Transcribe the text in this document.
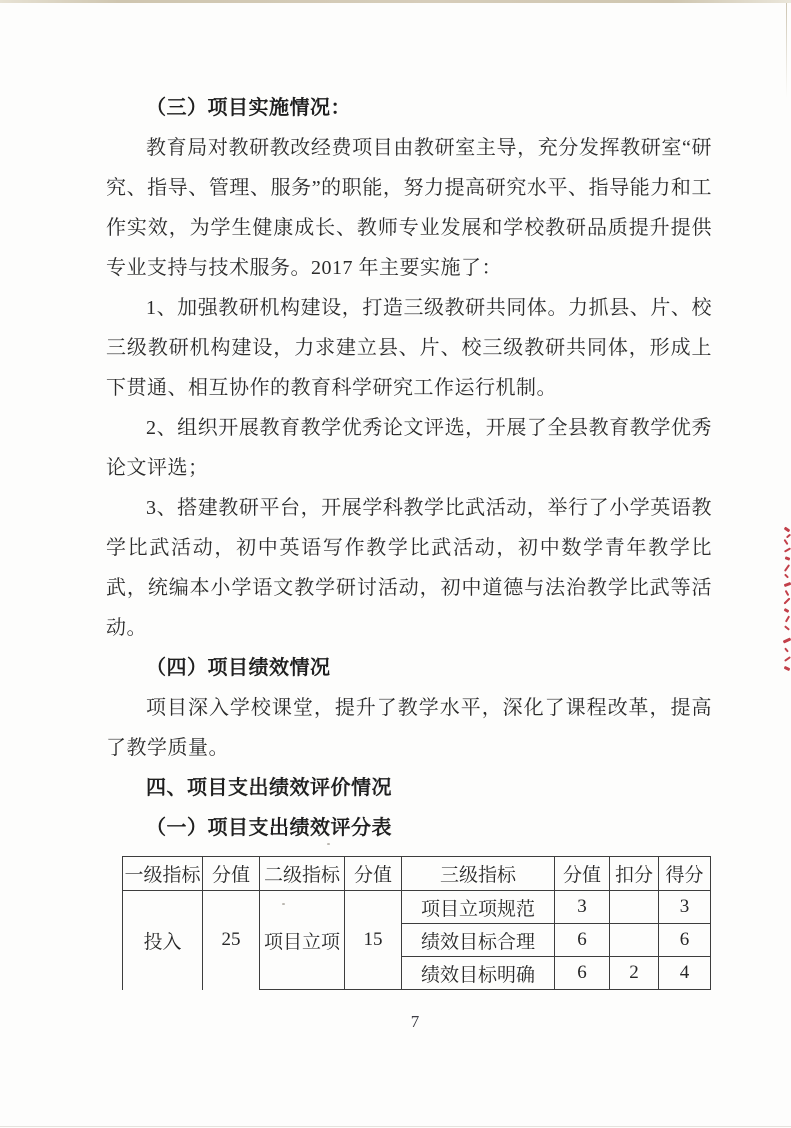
（三）项目实施情况：

教育局对教研教改经费项目由教研室主导，充分发挥教研室“研究、指导、管理、服务”的职能，努力提高研究水平、指导能力和工作实效，为学生健康成长、教师专业发展和学校教研品质提升提供专业支持与技术服务。2017 年主要实施了：

1、加强教研机构建设，打造三级教研共同体。力抓县、片、校三级教研机构建设，力求建立县、片、校三级教研共同体，形成上下贯通、相互协作的教育科学研究工作运行机制。

2、组织开展教育教学优秀论文评选，开展了全县教育教学优秀论文评选；

3、搭建教研平台，开展学科教学比武活动，举行了小学英语教学比武活动，初中英语写作教学比武活动，初中数学青年教学比武，统编本小学语文教学研讨活动，初中道德与法治教学比武等活动。

（四）项目绩效情况

项目深入学校课堂，提升了教学水平，深化了课程改革，提高了教学质量。

四、项目支出绩效评价情况

（一）项目支出绩效评分表

一级指标	分值	二级指标	分值	三级指标	分值	扣分	得分
投入	25	项目立项	15	项目立项规范	3		3
				绩效目标合理	6		6
				绩效目标明确	6	2	4
7
